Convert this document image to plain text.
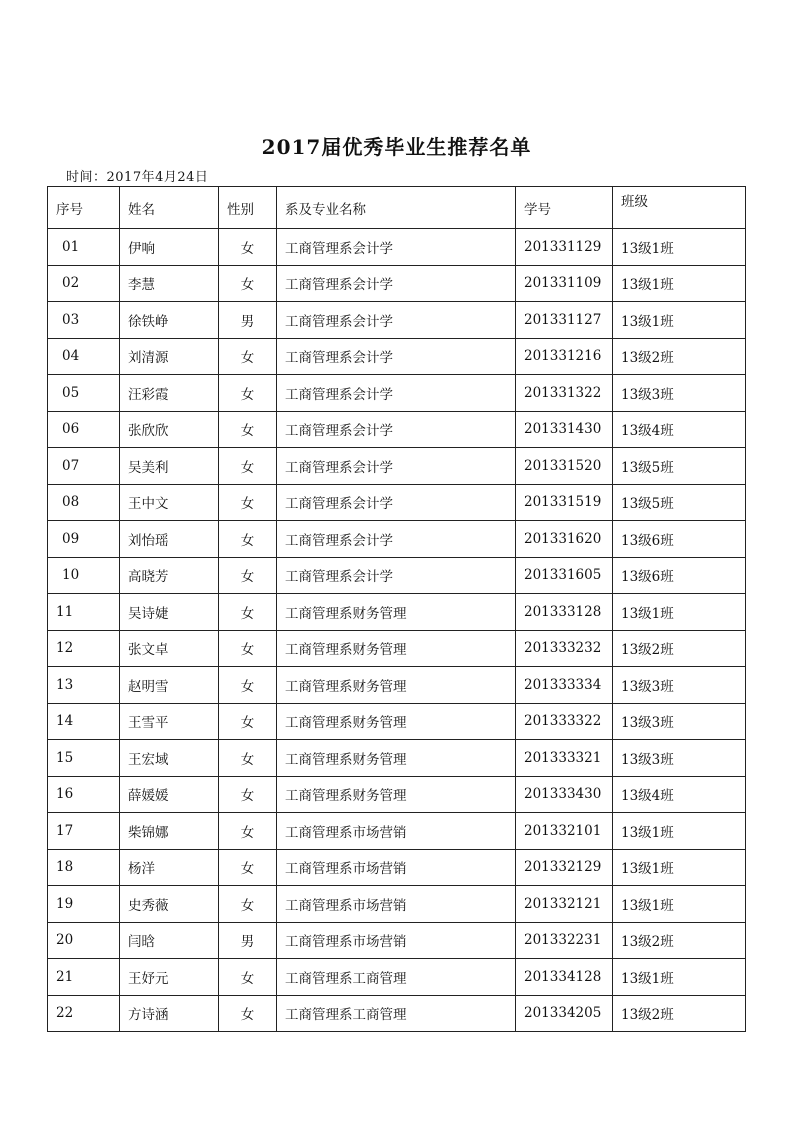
2017届优秀毕业生推荐名单
时间：2017年4月24日
序号	姓名	性别	系及专业名称	学号	班级
01	伊响	女	工商管理系会计学	201331129	13级1班
02	李慧	女	工商管理系会计学	201331109	13级1班
03	徐铁峥	男	工商管理系会计学	201331127	13级1班
04	刘清源	女	工商管理系会计学	201331216	13级2班
05	汪彩霞	女	工商管理系会计学	201331322	13级3班
06	张欣欣	女	工商管理系会计学	201331430	13级4班
07	吴美利	女	工商管理系会计学	201331520	13级5班
08	王中文	女	工商管理系会计学	201331519	13级5班
09	刘怡瑶	女	工商管理系会计学	201331620	13级6班
10	高晓芳	女	工商管理系会计学	201331605	13级6班
11	吴诗婕	女	工商管理系财务管理	201333128	13级1班
12	张文卓	女	工商管理系财务管理	201333232	13级2班
13	赵明雪	女	工商管理系财务管理	201333334	13级3班
14	王雪平	女	工商管理系财务管理	201333322	13级3班
15	王宏域	女	工商管理系财务管理	201333321	13级3班
16	薛媛媛	女	工商管理系财务管理	201333430	13级4班
17	柴锦娜	女	工商管理系市场营销	201332101	13级1班
18	杨洋	女	工商管理系市场营销	201332129	13级1班
19	史秀薇	女	工商管理系市场营销	201332121	13级1班
20	闫晗	男	工商管理系市场营销	201332231	13级2班
21	王妤元	女	工商管理系工商管理	201334128	13级1班
22	方诗涵	女	工商管理系工商管理	201334205	13级2班
